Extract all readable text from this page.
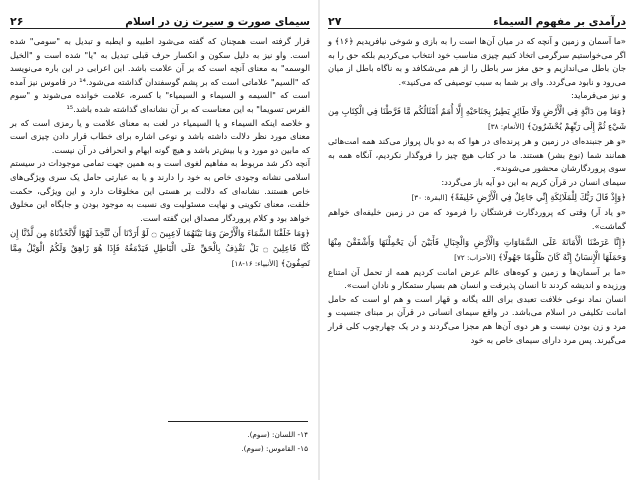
سیمای صورت و سیرت زن در اسلام
۲۶

قرار گرفته است همچنان که گفته می‌شود اطبیه و ایطبه و تبدیل به "سومی" شده است. واو نیز به دلیل سکون و انکسار حرف قبلی تبدیل به "یا" شده است و "الخیل الوسمه" به معنای آنچه است که بر آن علامت باشد. ابن اعرابی در این باره می‌نویسد که "السیم" علاماتی است که بر پشم گوسفندان گذاشته می‌شود.¹⁴ در قاموس نیز آمده است که "السیمه و السیماء و السیمیاء" با کسره، علامت خوانده می‌شوند و "سوم الفرس تسویما" به این معناست که بر آن نشانه‌ای گذاشته شده باشد.¹⁵

و خلاصه اینکه السیماء و یا السیمیاء در لغت به معنای علامت و یا رمزی است که بر معنای مورد نظر دلالت داشته باشد و نوعی اشاره برای خطاب قرار دادن چیزی است که مابین دو مورد و یا بیش‌تر باشد و هیچ گونه ابهام و انحرافی در آن نیست.

آنچه ذکر شد مربوط به مفاهیم لغوی است و به همین جهت تمامی موجودات در سیستم اسلامی نشانه وجودی خاص به خود را دارند و یا به عبارتی حامل یک سری ویژگی‌های خاص هستند. نشانه‌ای که دلالت بر هستی این مخلوقات دارد و این ویژگی، حکمت خلقت، معنای تکوینی و نهایت مسئولیت وی نسبت به موجود بودن و جایگاه این مخلوق خواهد بود و کلام پروردگار مصداق این گفته است.

﴿وَمَا خَلَقْنَا السَّمَاءَ وَالْأَرْضَ وَمَا بَيْنَهُمَا لَاعِبِينَ ۝ لَوْ أَرَدْنَا أَن نَّتَّخِذَ لَهْوًا لَّاتَّخَذْنَاهُ مِن لَّدُنَّا إِن كُنَّا فَاعِلِينَ ۝ بَلْ نَقْذِفُ بِالْحَقِّ عَلَى الْبَاطِلِ فَيَدْمَغُهُ فَإِذَا هُوَ زَاهِقٌ وَلَكُمُ الْوَيْلُ مِمَّا تَصِفُونَ﴾ [الأنبیاء: ۱۶-۱۸]

۱۴- اللسان: (سوم).

۱۵- القاموس: (سوم).

درآمدی بر مفهوم السیماء
۲۷

«ما آسمان و زمین و آنچه که در میان آن‌ها است را به بازی و شوخی نیافریدیم ﴿۱۶﴾ و اگر می‌خواستیم سرگرمی اتخاذ کنیم چیزی مناسب خود انتخاب می‌کردیم بلکه حق را به جان باطل می‌اندازیم و حق مغز سر باطل را از هم می‌شکافد و به ناگاه باطل از میان می‌رود و نابود می‌گردد. وای بر شما به سبب توصیفی که می‌کنید».

و نیز می‌فرماید:

﴿وَمَا مِن دَابَّةٍ فِي الْأَرْضِ وَلَا طَائِرٍ يَطِيرُ بِجَنَاحَيْهِ إِلَّا أُمَمٌ أَمْثَالُكُم مَّا فَرَّطْنَا فِي الْكِتَابِ مِن شَيْءٍ ثُمَّ إِلَى رَبِّهِمْ يُحْشَرُونَ﴾ [الأنعام: ۳۸]

«و هر جنبنده‌ای در زمین و هر پرنده‌ای در هوا که به دو بال پرواز می‌کند همه امت‌هائی همانند شما (نوع بشر) هستند. ما در کتاب هیچ چیز را فروگذار نکردیم، آنگاه همه به سوی پروردگارشان محشور می‌شوند».

سیمای انسان در قرآن کریم به این دو آیه باز می‌گردد:

﴿وَإِذْ قَالَ رَبُّكَ لِلْمَلَائِكَةِ إِنِّي جَاعِلٌ فِي الْأَرْضِ خَلِيفَةً﴾ [البقرة: ۳۰]

«و یاد آر) وقتی که پروردگارت فرشتگان را فرمود که من در زمین خلیفه‌ای خواهم گماشت».

﴿إِنَّا عَرَضْنَا الْأَمَانَةَ عَلَى السَّمَاوَاتِ وَالْأَرْضِ وَالْجِبَالِ فَأَبَيْنَ أَن يَحْمِلْنَهَا وَأَشْفَقْنَ مِنْهَا وَحَمَلَهَا الْإِنسَانُ إِنَّهُ كَانَ ظَلُومًا جَهُولًا﴾ [الأحزاب: ۷۲]

«ما بر آسمان‌ها و زمین و کوه‌های عالم عرض امانت کردیم همه از تحمل آن امتناع ورزیده و اندیشه کردند تا انسان پذیرفت و انسان هم بسیار ستمکار و نادان است».

انسان نماد نوعی خلافت تعبدی برای الله یگانه و قهار است و هم او است که حامل امانت تکلیفی در اسلام می‌باشد. در واقع سیمای انسانی در قرآن بر مبنای جنسیت و مرد و زن بودن نیست و هر دوی آن‌ها هم مجزا می‌گردند و در یک چهارچوب کلی قرار می‌گیرند. پس مرد دارای سیمای خاص به خود
